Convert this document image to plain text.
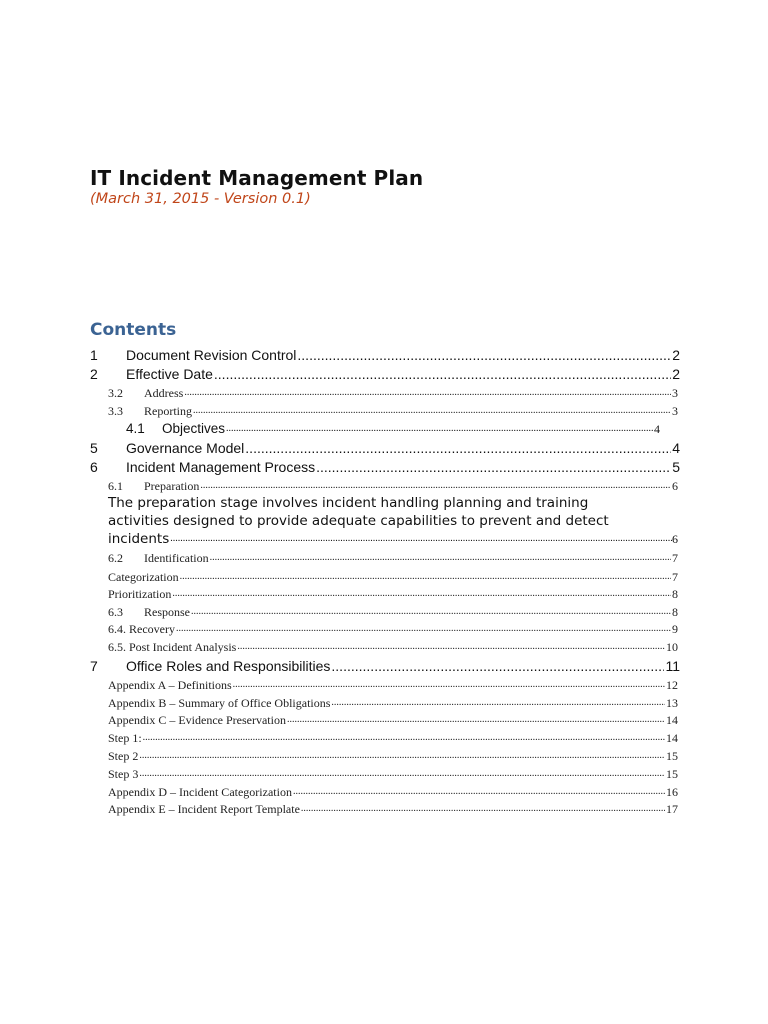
IT Incident Management Plan
(March 31, 2015 - Version 0.1)
Contents
1	Document Revision Control .....	2
2	Effective Date .....	2
3.2	Address .....	3
3.3	Reporting .....	3
4.1	Objectives .....	4
5	Governance Model .....	4
6	Incident Management Process .....	5
6.1	Preparation .....	6
The preparation stage involves incident handling planning and training
activities designed to provide adequate capabilities to prevent and detect
incidents .....	6
6.2	Identification .....	7
Categorization .....	7
Prioritization .....	8
6.3	Response .....	8
6.4. Recovery .....	9
6.5. Post Incident Analysis .....	10
7	Office Roles and Responsibilities .....	11
Appendix A – Definitions .....	12
Appendix B – Summary of Office Obligations .....	13
Appendix C – Evidence Preservation .....	14
Step 1: .....	14
Step 2 .....	15
Step 3 .....	15
Appendix D – Incident Categorization .....	16
Appendix E – Incident Report Template .....	17
